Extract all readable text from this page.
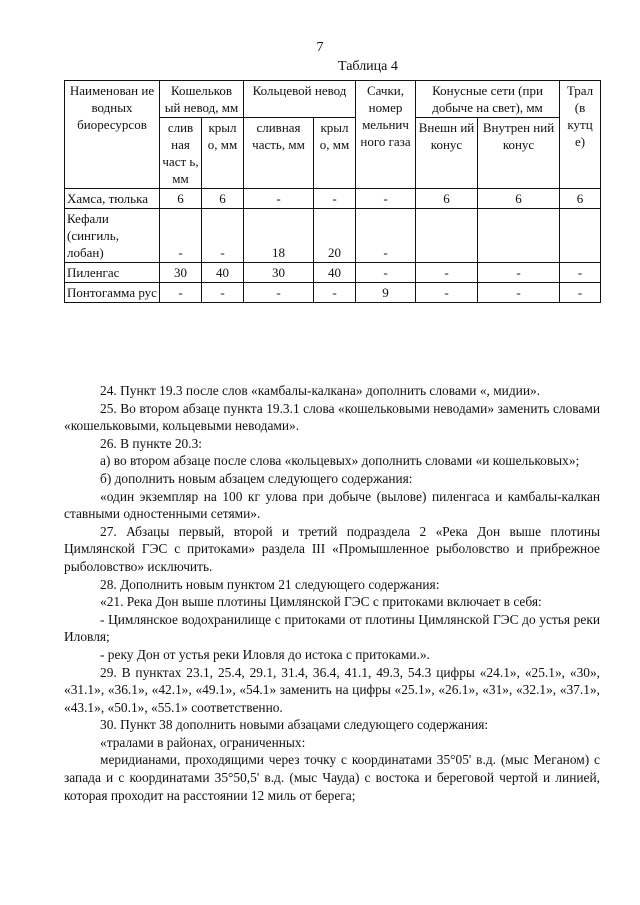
7
Таблица 4
Наименован ие водных биоресурсов	Кошельков ый невод, мм		Кольцевой невод		Сачки, номер мельнич ного газа	Конусные сети (при добыче на свет), мм		Трал (в кутц е)
	слив ная част ь, мм	крыл о, мм	сливная часть, мм	крыл о, мм		Внешн ий конус	Внутрен ний конус	
Хамса, тюлька	6	6	-	-	-	6	6	6
Кефали (сингиль, лобан)	-	-	18	20	-			
Пиленгас	30	40	30	40	-	-	-	-
Понтогамма рус	-	-	-	-	9	-	-	-

24. Пункт 19.3 после слов «камбалы-калкана» дополнить словами «, мидии».

25. Во втором абзаце пункта 19.3.1 слова «кошельковыми неводами» заменить словами «кошельковыми, кольцевыми неводами».

26. В пункте 20.3:

а) во втором абзаце после слова «кольцевых» дополнить словами «и кошельковых»;

б) дополнить новым абзацем следующего содержания:

«один экземпляр на 100 кг улова при добыче (вылове) пиленгаса и камбалы-калкан ставными одностенными сетями».

27. Абзацы первый, второй и третий подраздела 2 «Река Дон выше плотины Цимлянской ГЭС с притоками» раздела III «Промышленное рыболовство и прибрежное рыболовство» исключить.

28. Дополнить новым пунктом 21 следующего содержания:

«21. Река Дон выше плотины Цимлянской ГЭС с притоками включает в себя:

- Цимлянское водохранилище с притоками от плотины Цимлянской ГЭС до устья реки Иловля;

- реку Дон от устья реки Иловля до истока с притоками.».

29. В пунктах 23.1, 25.4, 29.1, 31.4, 36.4, 41.1, 49.3, 54.3 цифры «24.1», «25.1», «30», «31.1», «36.1», «42.1», «49.1», «54.1» заменить на цифры «25.1», «26.1», «31», «32.1», «37.1», «43.1», «50.1», «55.1» соответственно.

30. Пункт 38 дополнить новыми абзацами следующего содержания:

«тралами в районах, ограниченных:

меридианами, проходящими через точку с координатами 35°05' в.д. (мыс Меганом) с запада и с координатами 35°50,5' в.д. (мыс Чауда) с востока и береговой чертой и линией, которая проходит на расстоянии 12 миль от берега;
